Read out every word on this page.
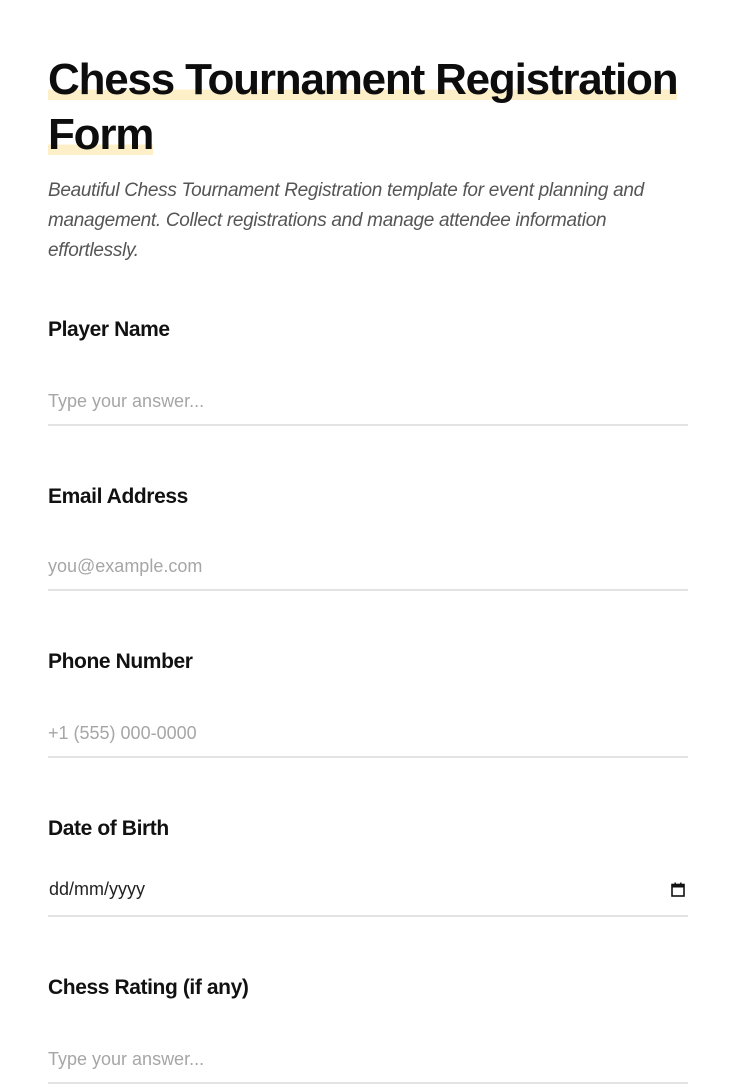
Chess Tournament Registration
Form

Beautiful Chess Tournament Registration template for event planning and management. Collect registrations and manage attendee information effortlessly.

Player Name
Type your answer...
Email Address
you@example.com
Phone Number
+1 (555) 000-0000
Date of Birth
dd/mm/yyyy
Chess Rating (if any)
Type your answer...
